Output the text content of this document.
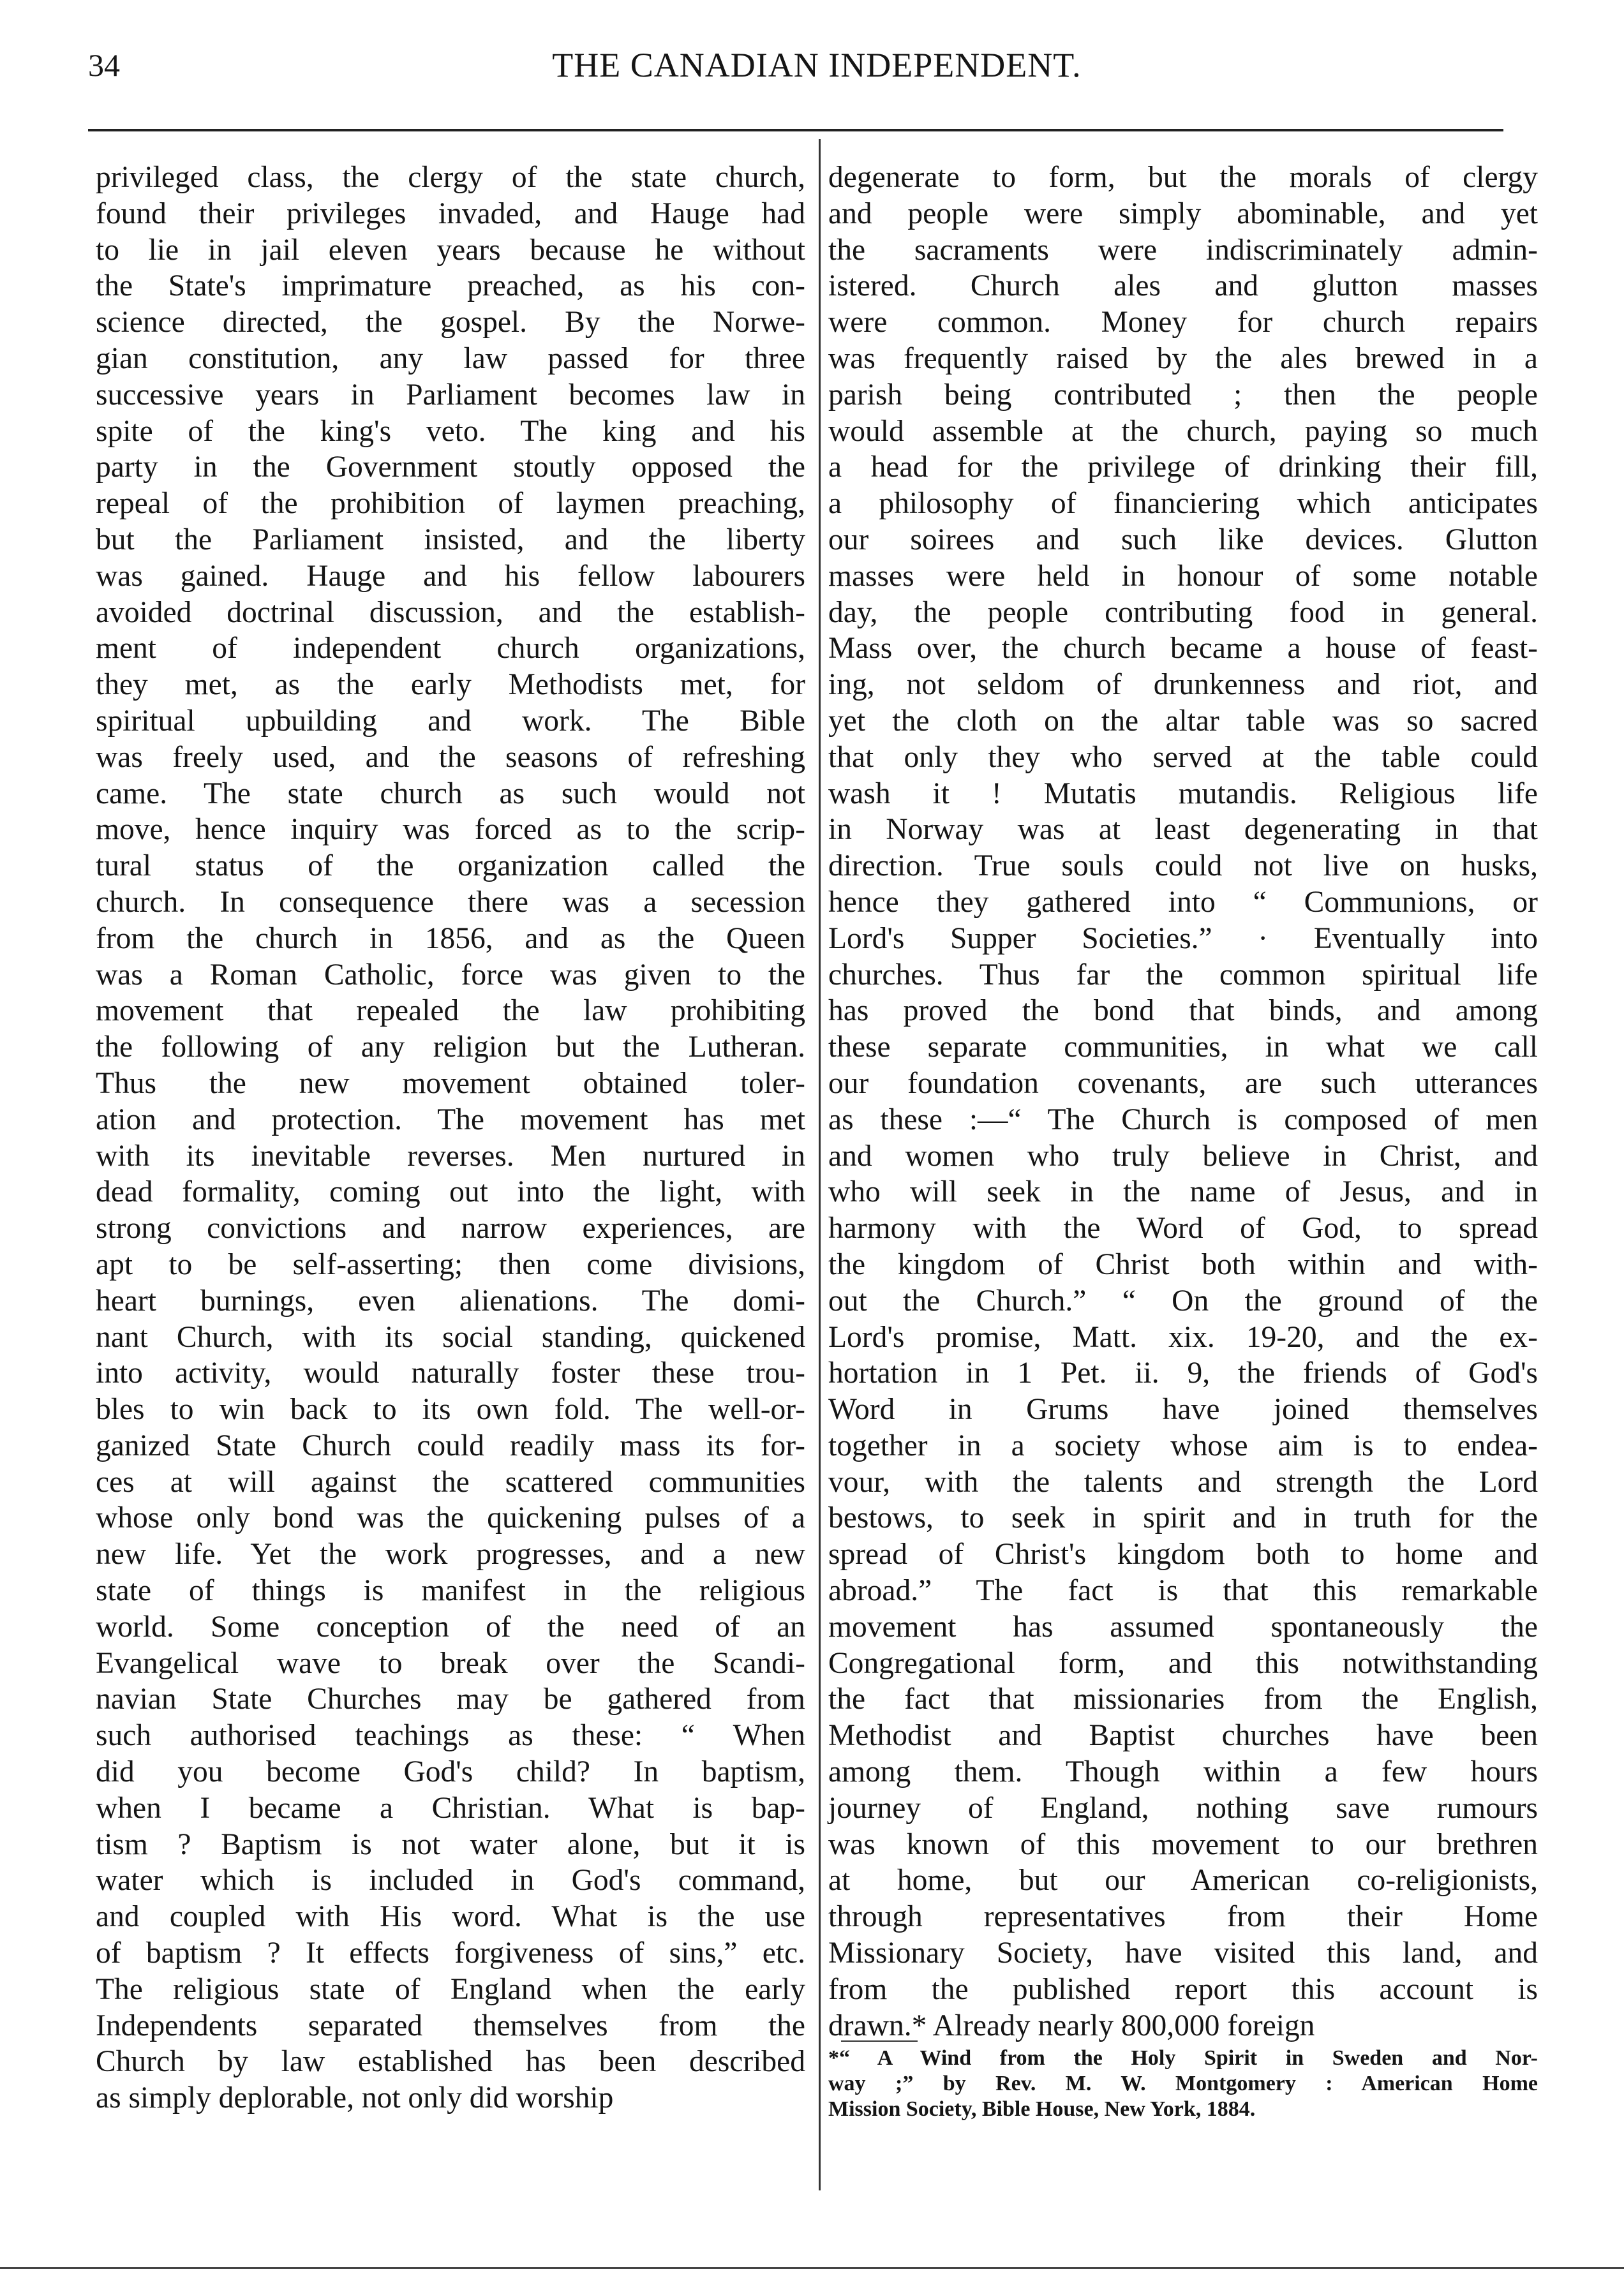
34	THE CANADIAN INDEPENDENT.
privileged class, the clergy of the state church,
found their privileges invaded, and Hauge had
to lie in jail eleven years because he without
the State's imprimature preached, as his con-
science directed, the gospel. By the Norwe-
gian constitution, any law passed for three
successive years in Parliament becomes law in
spite of the king's veto. The king and his
party in the Government stoutly opposed the
repeal of the prohibition of laymen preaching,
but the Parliament insisted, and the liberty
was gained. Hauge and his fellow labourers
avoided doctrinal discussion, and the establish-
ment of independent church organizations,
they met, as the early Methodists met, for
spiritual upbuilding and work. The Bible
was freely used, and the seasons of refreshing
came. The state church as such would not
move, hence inquiry was forced as to the scrip-
tural status of the organization called the
church. In consequence there was a secession
from the church in 1856, and as the Queen
was a Roman Catholic, force was given to the
movement that repealed the law prohibiting
the following of any religion but the Lutheran.
Thus the new movement obtained toler-
ation and protection. The movement has met
with its inevitable reverses. Men nurtured in
dead formality, coming out into the light, with
strong convictions and narrow experiences, are
apt to be self-asserting; then come divisions,
heart burnings, even alienations. The domi-
nant Church, with its social standing, quickened
into activity, would naturally foster these trou-
bles to win back to its own fold. The well-or-
ganized State Church could readily mass its for-
ces at will against the scattered communities
whose only bond was the quickening pulses of a
new life. Yet the work progresses, and a new
state of things is manifest in the religious
world. Some conception of the need of an
Evangelical wave to break over the Scandi-
navian State Churches may be gathered from
such authorised teachings as these: “ When
did you become God's child? In baptism,
when I became a Christian. What is bap-
tism ? Baptism is not water alone, but it is
water which is included in God's command,
and coupled with His word. What is the use
of baptism ? It effects forgiveness of sins,” etc.
The religious state of England when the early
Independents separated themselves from the
Church by law established has been described
as simply deplorable, not only did worship
degenerate to form, but the morals of clergy
and people were simply abominable, and yet
the sacraments were indiscriminately admin-
istered. Church ales and glutton masses
were common. Money for church repairs
was frequently raised by the ales brewed in a
parish being contributed ; then the people
would assemble at the church, paying so much
a head for the privilege of drinking their fill,
a philosophy of financiering which anticipates
our soirees and such like devices. Glutton
masses were held in honour of some notable
day, the people contributing food in general.
Mass over, the church became a house of feast-
ing, not seldom of drunkenness and riot, and
yet the cloth on the altar table was so sacred
that only they who served at the table could
wash it ! Mutatis mutandis. Religious life
in Norway was at least degenerating in that
direction. True souls could not live on husks,
hence they gathered into “ Communions, or
Lord's Supper Societies.” · Eventually into
churches. Thus far the common spiritual life
has proved the bond that binds, and among
these separate communities, in what we call
our foundation covenants, are such utterances
as these :—“ The Church is composed of men
and women who truly believe in Christ, and
who will seek in the name of Jesus, and in
harmony with the Word of God, to spread
the kingdom of Christ both within and with-
out the Church.” “ On the ground of the
Lord's promise, Matt. xix. 19-20, and the ex-
hortation in 1 Pet. ii. 9, the friends of God's
Word in Grums have joined themselves
together in a society whose aim is to endea-
vour, with the talents and strength the Lord
bestows, to seek in spirit and in truth for the
spread of Christ's kingdom both to home and
abroad.” The fact is that this remarkable
movement has assumed spontaneously the
Congregational form, and this notwithstanding
the fact that missionaries from the English,
Methodist and Baptist churches have been
among them. Though within a few hours
journey of England, nothing save rumours
was known of this movement to our brethren
at home, but our American co-religionists,
through representatives from their Home
Missionary Society, have visited this land, and
from the published report this account is
drawn.* Already nearly 800,000 foreign
*“ A Wind from the Holy Spirit in Sweden and Nor-
way ;” by Rev. M. W. Montgomery : American Home
Mission Society, Bible House, New York, 1884.
